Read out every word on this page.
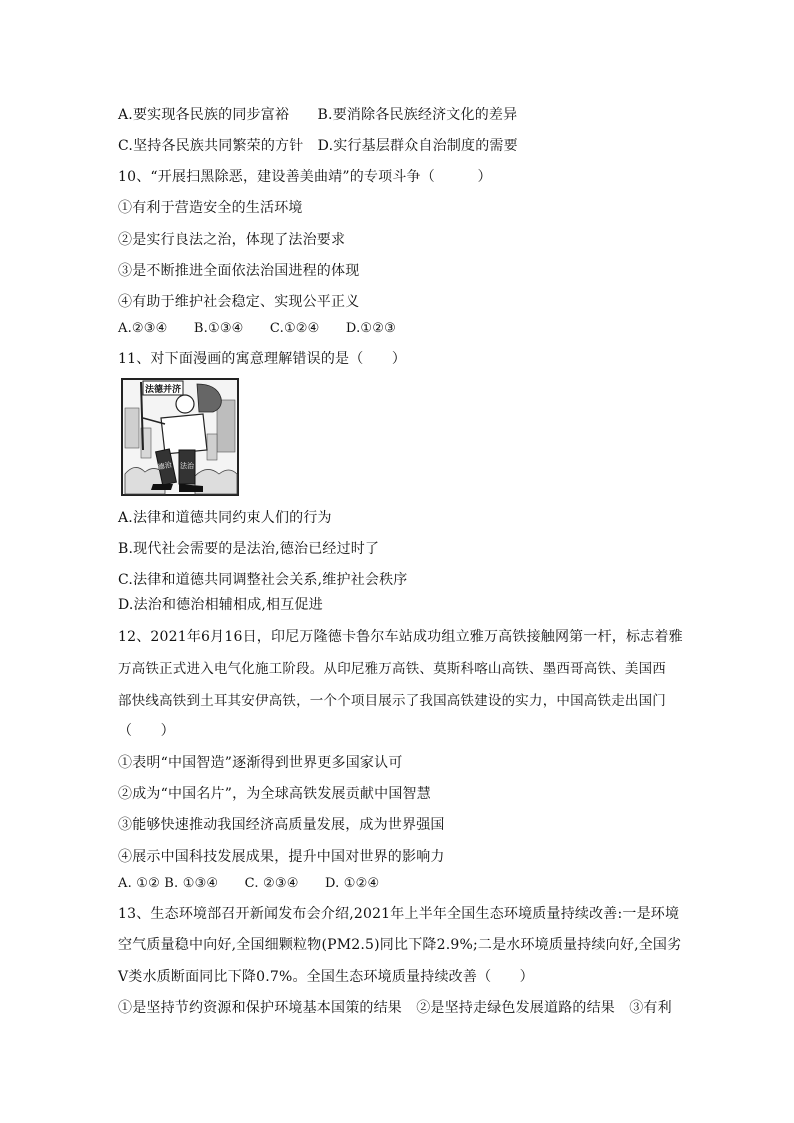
A.要实现各民族的同步富裕　　B.要消除各民族经济文化的差异
C.坚持各民族共同繁荣的方针　D.实行基层群众自治制度的需要
10、“开展扫黑除恶，建设善美曲靖”的专项斗争（　　　）
①有利于营造安全的生活环境
②是实行良法之治，体现了法治要求
③是不断推进全面依法治国进程的体现
④有助于维护社会稳定、实现公平正义
A.②③④　　B.①③④　　C.①②④　　D.①②③
11、对下面漫画的寓意理解错误的是（　　）
法德并济
德治 法治
A.法律和道德共同约束人们的行为
B.现代社会需要的是法治,德治已经过时了
C.法律和道德共同调整社会关系,维护社会秩序
D.法治和德治相辅相成,相互促进
12、2021年6月16日，印尼万隆德卡鲁尔车站成功组立雅万高铁接触网第一杆，标志着雅
万高铁正式进入电气化施工阶段。从印尼雅万高铁、莫斯科喀山高铁、墨西哥高铁、美国西
部快线高铁到土耳其安伊高铁，一个个项目展示了我国高铁建设的实力，中国高铁走出国门
（　　）
①表明“中国智造”逐渐得到世界更多国家认可
②成为“中国名片”，为全球高铁发展贡献中国智慧
③能够快速推动我国经济高质量发展，成为世界强国
④展示中国科技发展成果，提升中国对世界的影响力
A. ①② B. ①③④　　C. ②③④　　D. ①②④
13、生态环境部召开新闻发布会介绍,2021年上半年全国生态环境质量持续改善:一是环境
空气质量稳中向好,全国细颗粒物(PM2.5)同比下降2.9%;二是水环境质量持续向好,全国劣
V类水质断面同比下降0.7%。全国生态环境质量持续改善（　　）
①是坚持节约资源和保护环境基本国策的结果　②是坚持走绿色发展道路的结果　③有利
